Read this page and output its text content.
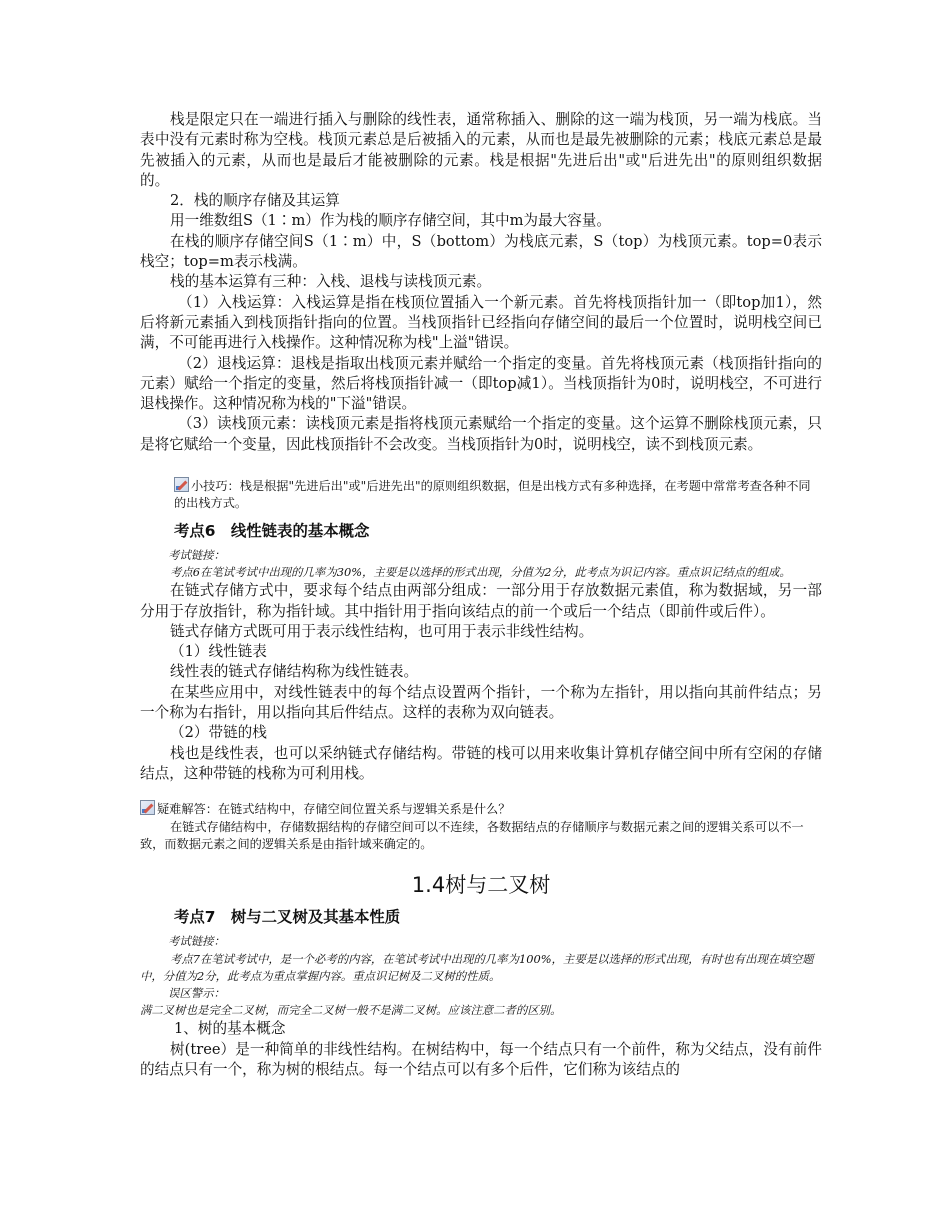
栈是限定只在一端进行插入与删除的线性表，通常称插入、删除的这一端为栈顶，另一端为栈底。当表中没有元素时称为空栈。栈顶元素总是后被插入的元素，从而也是最先被删除的元素；栈底元素总是最先被插入的元素，从而也是最后才能被删除的元素。栈是根据"先进后出"或"后进先出"的原则组织数据的。

2．栈的顺序存储及其运算

用一维数组S（1∶m）作为栈的顺序存储空间，其中m为最大容量。

在栈的顺序存储空间S（1∶m）中，S（bottom）为栈底元素，S（top）为栈顶元素。top=0表示栈空；top=m表示栈满。

栈的基本运算有三种：入栈、退栈与读栈顶元素。

（1）入栈运算：入栈运算是指在栈顶位置插入一个新元素。首先将栈顶指针加一（即top加1），然后将新元素插入到栈顶指针指向的位置。当栈顶指针已经指向存储空间的最后一个位置时，说明栈空间已满，不可能再进行入栈操作。这种情况称为栈"上溢"错误。

（2）退栈运算：退栈是指取出栈顶元素并赋给一个指定的变量。首先将栈顶元素（栈顶指针指向的元素）赋给一个指定的变量，然后将栈顶指针减一（即top减1）。当栈顶指针为0时，说明栈空，不可进行退栈操作。这种情况称为栈的"下溢"错误。

（3）读栈顶元素：读栈顶元素是指将栈顶元素赋给一个指定的变量。这个运算不删除栈顶元素，只是将它赋给一个变量，因此栈顶指针不会改变。当栈顶指针为0时，说明栈空，读不到栈顶元素。

小技巧：栈是根据"先进后出"或"后进先出"的原则组织数据，但是出栈方式有多种选择，在考题中常常考查各种不同的出栈方式。

考点6　线性链表的基本概念

考试链接：

考点6在笔试考试中出现的几率为30%，主要是以选择的形式出现，分值为2分，此考点为识记内容。重点识记结点的组成。

在链式存储方式中，要求每个结点由两部分组成：一部分用于存放数据元素值，称为数据域，另一部分用于存放指针，称为指针域。其中指针用于指向该结点的前一个或后一个结点（即前件或后件）。

链式存储方式既可用于表示线性结构，也可用于表示非线性结构。

（1）线性链表

线性表的链式存储结构称为线性链表。

在某些应用中，对线性链表中的每个结点设置两个指针，一个称为左指针，用以指向其前件结点；另一个称为右指针，用以指向其后件结点。这样的表称为双向链表。

（2）带链的栈

栈也是线性表，也可以采纳链式存储结构。带链的栈可以用来收集计算机存储空间中所有空闲的存储结点，这种带链的栈称为可利用栈。

疑难解答：在链式结构中，存储空间位置关系与逻辑关系是什么？

在链式存储结构中，存储数据结构的存储空间可以不连续，各数据结点的存储顺序与数据元素之间的逻辑关系可以不一致，而数据元素之间的逻辑关系是由指针域来确定的。

1.4树与二叉树

考点7　树与二叉树及其基本性质

考试链接：

考点7在笔试考试中，是一个必考的内容，在笔试考试中出现的几率为100%，主要是以选择的形式出现，有时也有出现在填空题中，分值为2分，此考点为重点掌握内容。重点识记树及二叉树的性质。

误区警示：

满二叉树也是完全二叉树，而完全二叉树一般不是满二叉树。应该注意二者的区别。

1、树的基本概念

树(tree）是一种简单的非线性结构。在树结构中，每一个结点只有一个前件，称为父结点，没有前件的结点只有一个，称为树的根结点。每一个结点可以有多个后件，它们称为该结点的
